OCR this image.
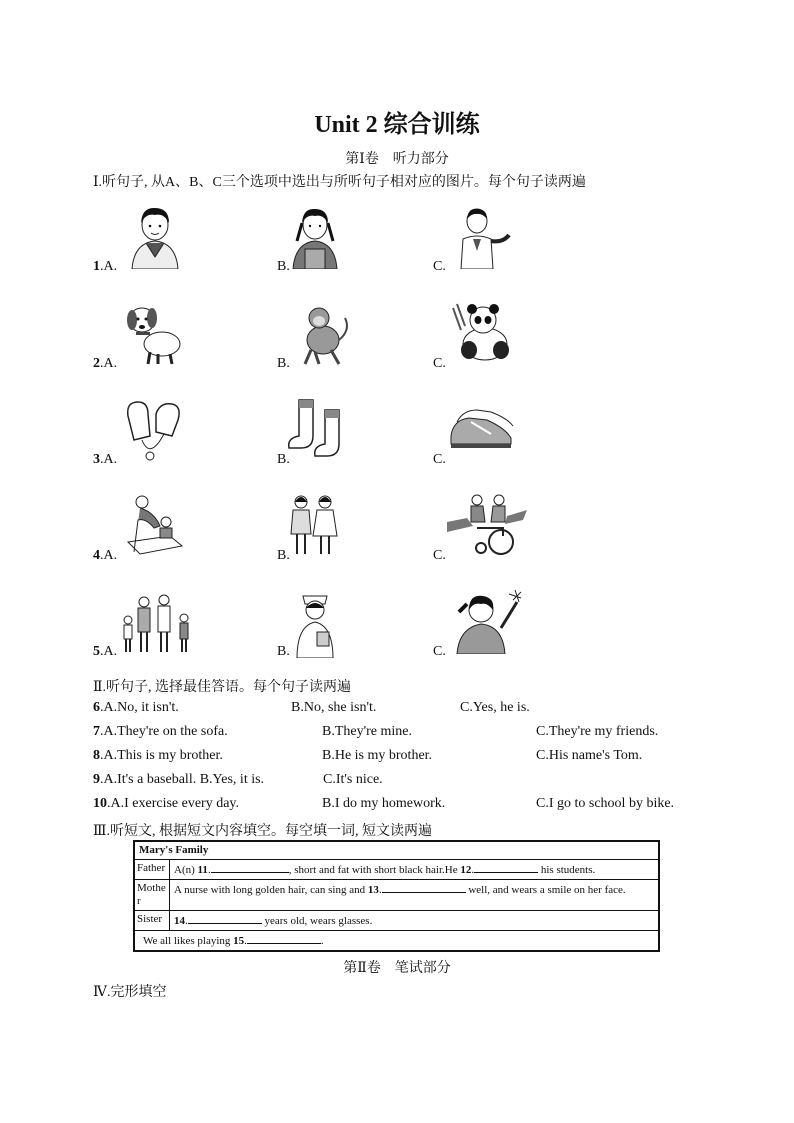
Unit 2 综合训练
第Ⅰ卷 听力部分
Ⅰ.听句子, 从A、B、C三个选项中选出与所听句子相对应的图片。每个句子读两遍
1.A.	B.	C.
2.A.	B.	C.
3.A.	B.	C.
4.A.	B.	C.
5.A.	B.	C.
Ⅱ.听句子, 选择最佳答语。每个句子读两遍
6.A.No, it isn't.	B.No, she isn't.	C.Yes, he is.
7.A.They're on the sofa.	B.They're mine.	C.They're my friends.
8.A.This is my brother.	B.He is my brother.	C.His name's Tom.
9.A.It's a baseball. B.Yes, it is.	C.It's nice.
10.A.I exercise every day.	B.I do my homework.	C.I go to school by bike.
Ⅲ.听短文, 根据短文内容填空。每空填一词, 短文读两遍
Mary's Family	
Father	A(n) 11. , short and fat with short black hair.He 12. his students.
Mothe r	A nurse with long golden hair, can sing and 13. well, and wears a smile on her face.
Sister	14. years old, wears glasses.
We all likes playing 15. .	
第Ⅱ卷 笔试部分
Ⅳ.完形填空
